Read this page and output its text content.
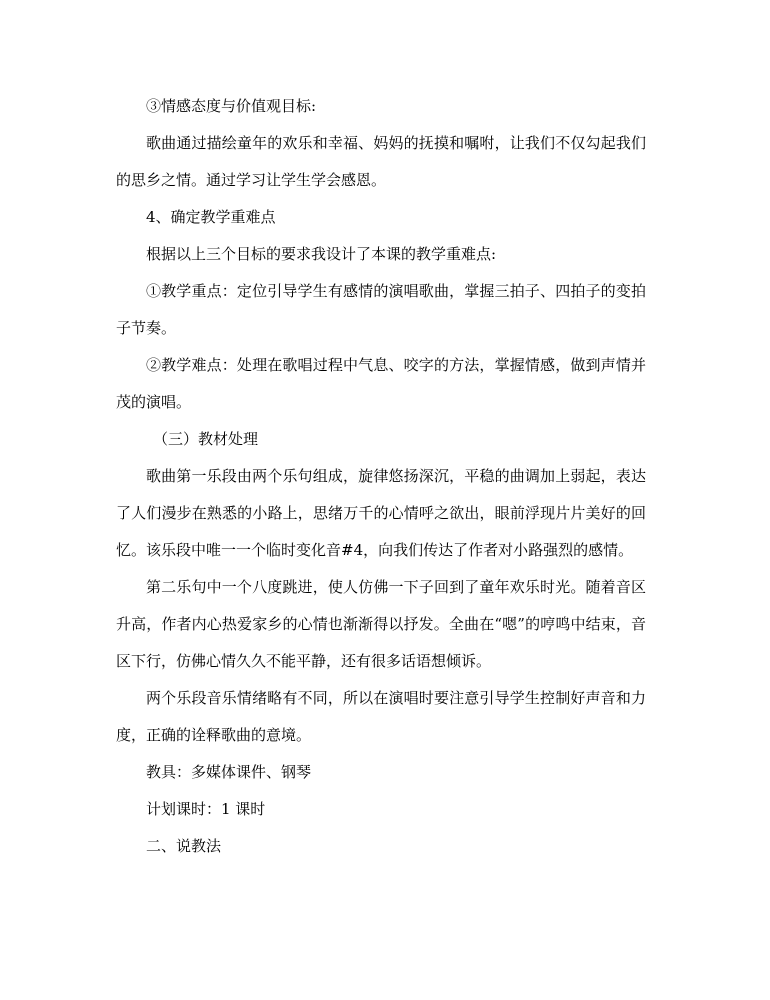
③情感态度与价值观目标:

歌曲通过描绘童年的欢乐和幸福、妈妈的抚摸和嘱咐，让我们不仅勾起我们的思乡之情。通过学习让学生学会感恩。

4、确定教学重难点

根据以上三个目标的要求我设计了本课的教学重难点:

①教学重点：定位引导学生有感情的演唱歌曲，掌握三拍子、四拍子的变拍子节奏。

②教学难点：处理在歌唱过程中气息、咬字的方法，掌握情感，做到声情并茂的演唱。

（三）教材处理

歌曲第一乐段由两个乐句组成，旋律悠扬深沉，平稳的曲调加上弱起，表达了人们漫步在熟悉的小路上，思绪万千的心情呼之欲出，眼前浮现片片美好的回忆。该乐段中唯一一个临时变化音#4，向我们传达了作者对小路强烈的感情。

第二乐句中一个八度跳进，使人仿佛一下子回到了童年欢乐时光。随着音区升高，作者内心热爱家乡的心情也渐渐得以抒发。全曲在“嗯”的哼鸣中结束，音区下行，仿佛心情久久不能平静，还有很多话语想倾诉。

两个乐段音乐情绪略有不同，所以在演唱时要注意引导学生控制好声音和力度，正确的诠释歌曲的意境。

教具：多媒体课件、钢琴

计划课时：1 课时

二、说教法
